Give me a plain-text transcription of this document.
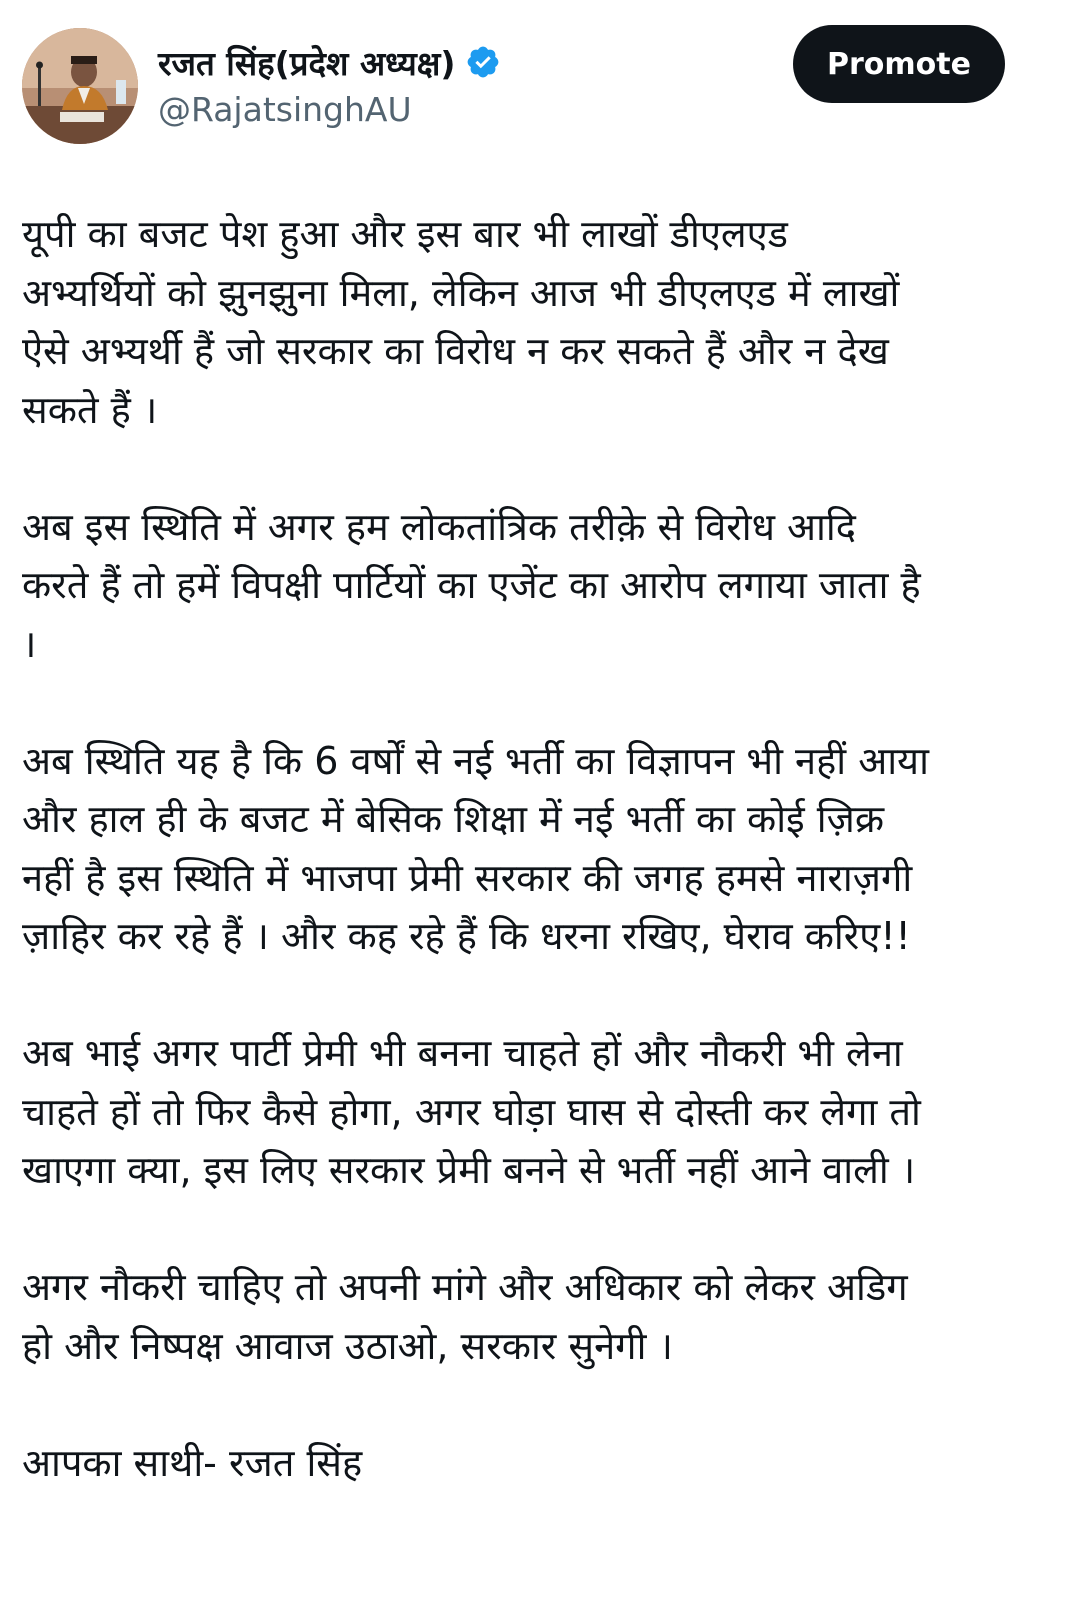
रजत सिंह(प्रदेश अध्यक्ष)
@RajatsinghAU
Promote

यूपी का बजट पेश हुआ और इस बार भी लाखों डीएलएड
अभ्यर्थियों को झुनझुना मिला, लेकिन आज भी डीएलएड में लाखों
ऐसे अभ्यर्थी हैं जो सरकार का विरोध न कर सकते हैं और न देख
सकते हैं ।

अब इस स्थिति में अगर हम लोकतांत्रिक तरीक़े से विरोध आदि
करते हैं तो हमें विपक्षी पार्टियों का एजेंट का आरोप लगाया जाता है
।

अब स्थिति यह है कि 6 वर्षों से नई भर्ती का विज्ञापन भी नहीं आया
और हाल ही के बजट में बेसिक शिक्षा में नई भर्ती का कोई ज़िक्र
नहीं है इस स्थिति में भाजपा प्रेमी सरकार की जगह हमसे नाराज़गी
ज़ाहिर कर रहे हैं । और कह रहे हैं कि धरना रखिए, घेराव करिए!!

अब भाई अगर पार्टी प्रेमी भी बनना चाहते हों और नौकरी भी लेना
चाहते हों तो फिर कैसे होगा, अगर घोड़ा घास से दोस्ती कर लेगा तो
खाएगा क्या, इस लिए सरकार प्रेमी बनने से भर्ती नहीं आने वाली ।

अगर नौकरी चाहिए तो अपनी मांगे और अधिकार को लेकर अडिग
हो और निष्पक्ष आवाज उठाओ, सरकार सुनेगी ।

आपका साथी- रजत सिंह
